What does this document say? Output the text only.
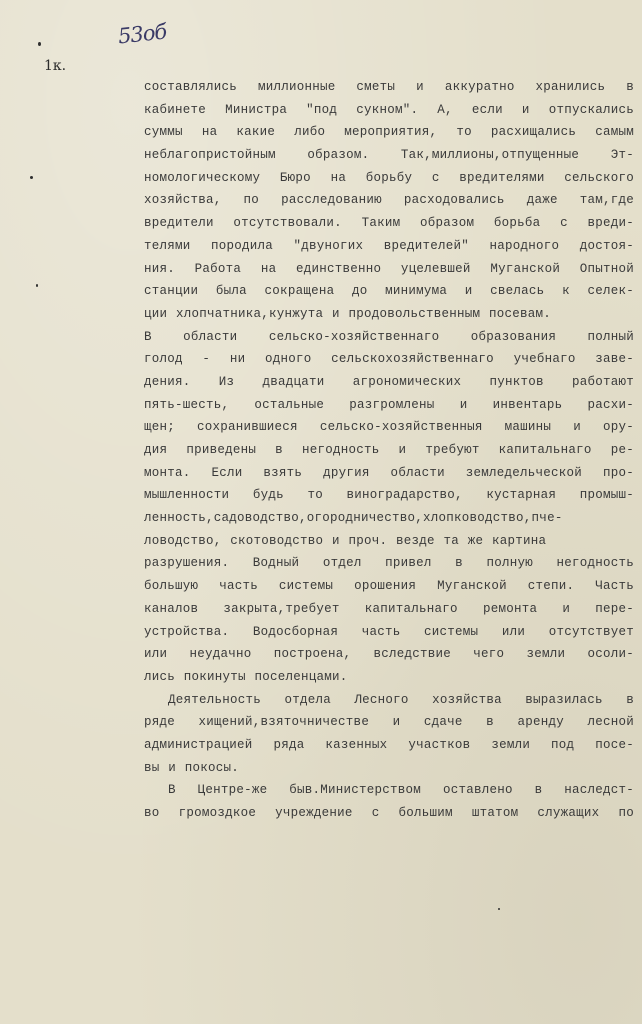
53об
1к.
составлялись миллионные сметы и аккуратно хранились в
кабинете Министра "под сукном". А, если и отпускались
суммы на какие либо мероприятия, то расхищались самым
неблагопристойным образом. Так,миллионы,отпущенные Эт-
номологическому Бюро на борьбу с вредителями сельского
хозяйства, по расследованию расходовались даже там,где
вредители отсутствовали. Таким образом борьба с вреди-
телями породила "двуногих вредителей" народного достоя-
ния. Работа на единственно уцелевшей Муганской Опытной
станции была сокращена до минимума и свелась к селек-
ции хлопчатника,кунжута и продовольственным посевам.
В области сельско-хозяйственнаго образования полный
голод - ни одного сельскохозяйственнаго учебнаго заве-
дения. Из двадцати агрономических пунктов работают
пять-шесть, остальные разгромлены и инвентарь расхи-
щен; сохранившиеся сельско-хозяйственныя машины и ору-
дия приведены в негодность и требуют капитальнаго ре-
монта. Если взять другия области земледельческой про-
мышленности будь то виноградарство, кустарная промыш-
ленность,садоводство,огородничество,хлопководство,пче-
ловодство, скотоводство и проч. везде та же картина
разрушения. Водный отдел привел в полную негодность
большую часть системы орошения Муганской степи. Часть
каналов закрыта,требует капитальнаго ремонта и пере-
устройства. Водосборная часть системы или отсутствует
или неудачно построена, вследствие чего земли осоли-
лись покинуты поселенцами.
Деятельность отдела Лесного хозяйства выразилась в
ряде хищений,взяточничестве и сдаче в аренду лесной
администрацией ряда казенных участков земли под посе-
вы и покосы.
В Центре-же быв.Министерством оставлено в наследст-
во громоздкое учреждение с большим штатом служащих по
